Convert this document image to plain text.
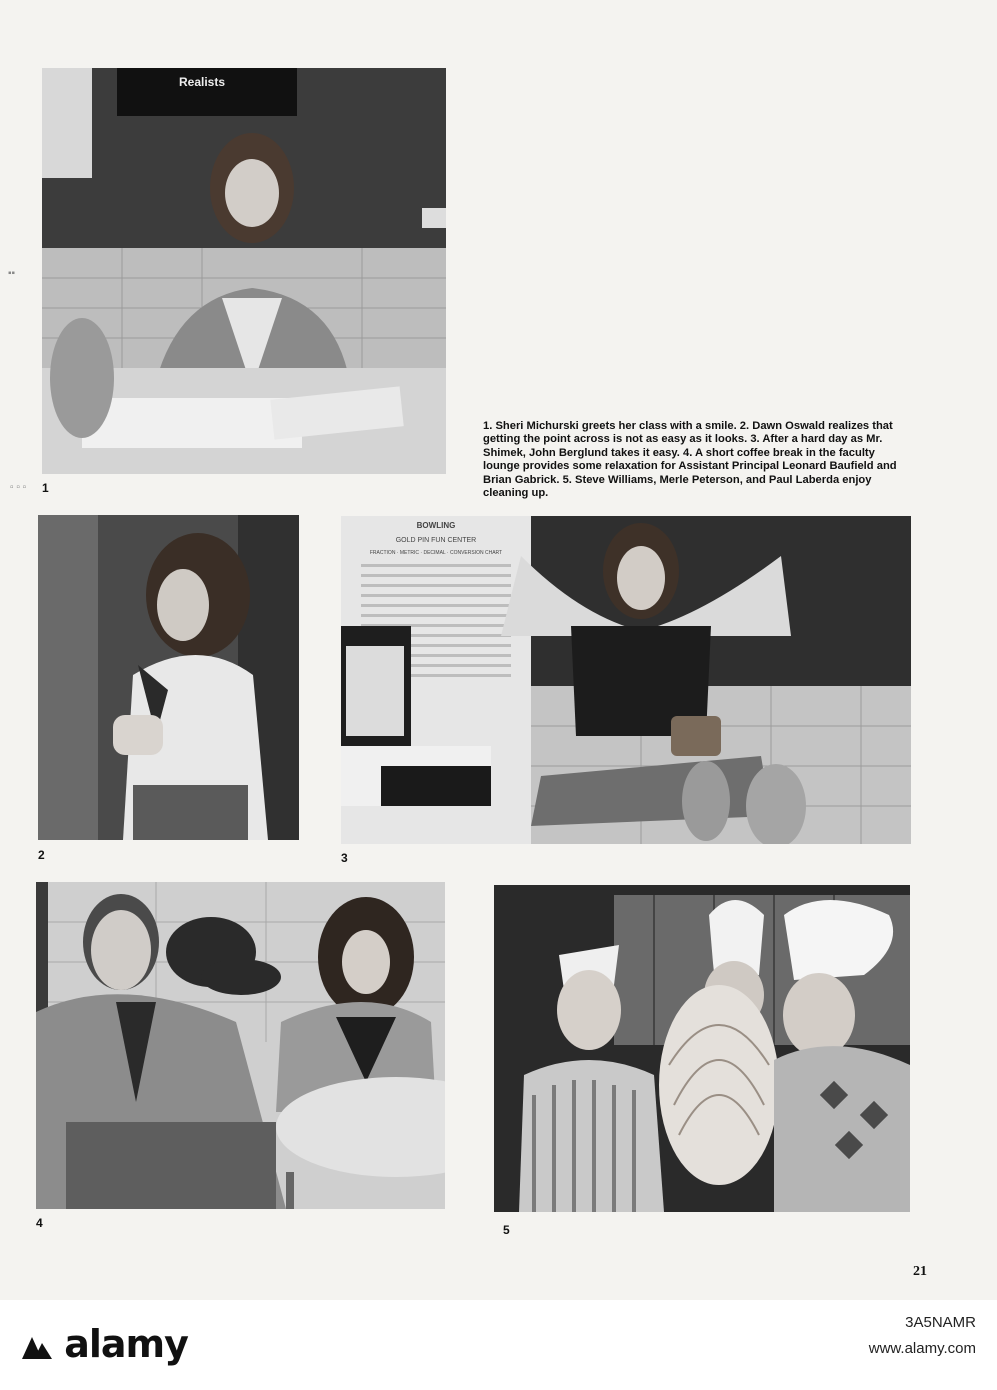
Realists
1
▪▪
▫ ▫ ▫

1. Sheri Michurski greets her class with a smile. 2. Dawn Oswald realizes that getting the point across is not as easy as it looks. 3. After a hard day as Mr. Shimek, John Berglund takes it easy. 4. A short coffee break in the faculty lounge provides some relaxation for Assistant Principal Leonard Baufield and Brian Gabrick. 5. Steve Williams, Merle Peterson, and Paul Laberda enjoy cleaning up.

2
BOWLING
GOLD PIN FUN CENTER
FRACTION · METRIC · DECIMAL · CONVERSION CHART
3
4	5
21
alamy	3A5NAMR
www.alamy.com
